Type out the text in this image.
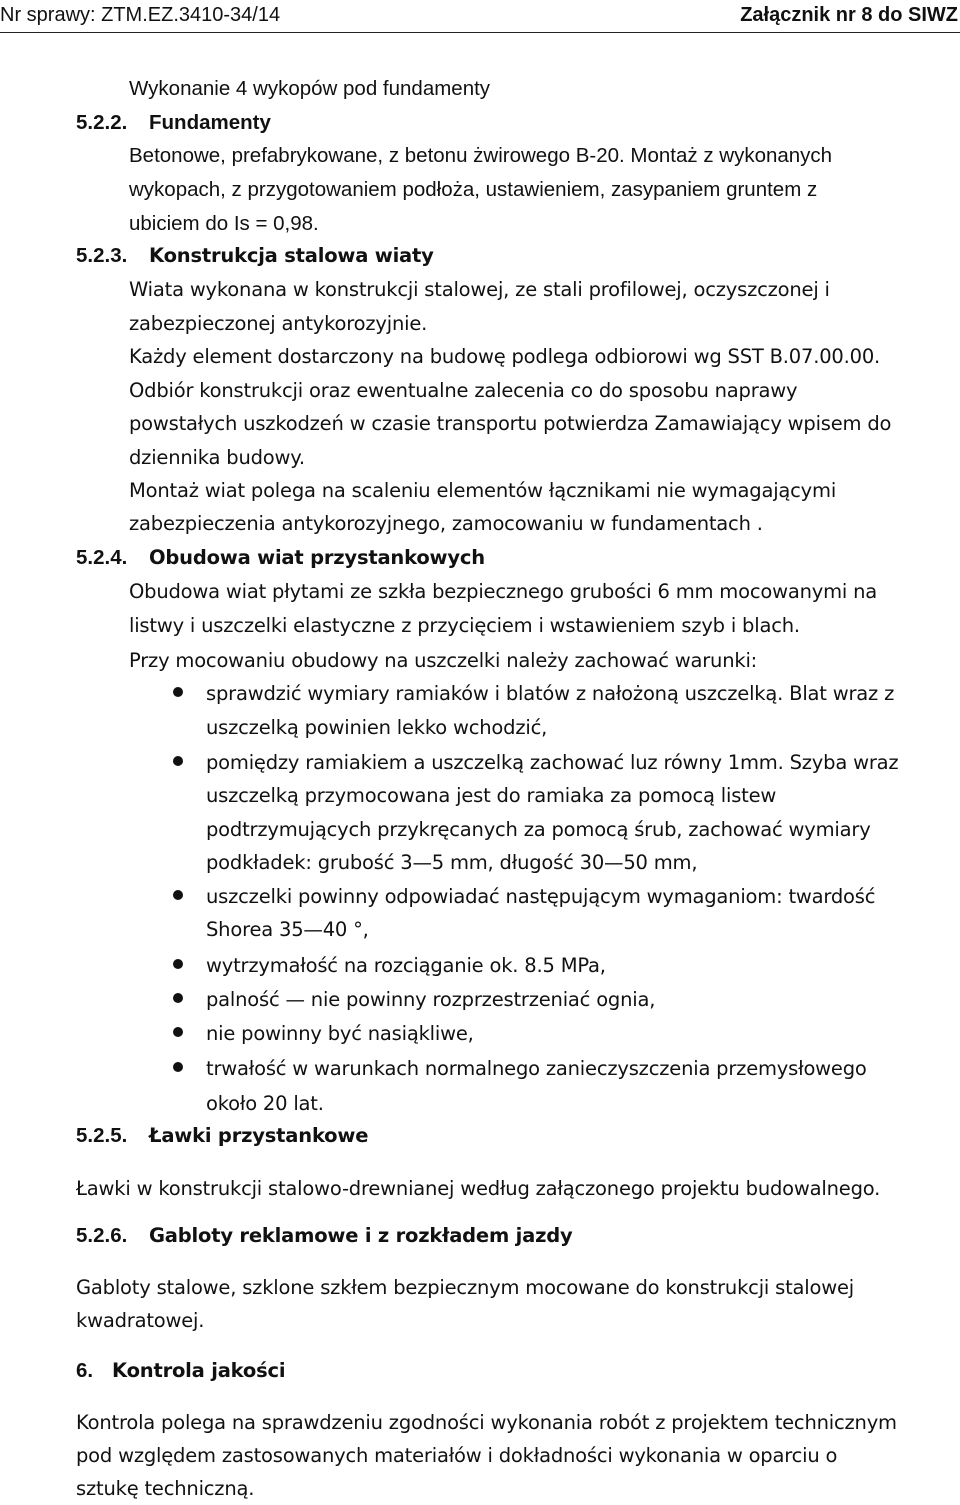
Nr sprawy: ZTM.EZ.3410-34/14	Załącznik nr 8 do SIWZ
Wykonanie 4 wykopów pod fundamenty
5.2.2. Fundamenty
Betonowe, prefabrykowane, z betonu żwirowego B-20. Montaż z wykonanych
wykopach, z przygotowaniem podłoża, ustawieniem, zasypaniem gruntem z
ubiciem do Is = 0,98.
5.2.3. Konstrukcja stalowa wiaty
Wiata wykonana w konstrukcji stalowej, ze stali profilowej, oczyszczonej i
zabezpieczonej antykorozyjnie.
Każdy element dostarczony na budowę podlega odbiorowi wg SST B.07.00.00.
Odbiór konstrukcji oraz ewentualne zalecenia co do sposobu naprawy
powstałych uszkodzeń w czasie transportu potwierdza Zamawiający wpisem do
dziennika budowy.
Montaż wiat polega na scaleniu elementów łącznikami nie wymagającymi
zabezpieczenia antykorozyjnego, zamocowaniu w fundamentach .
5.2.4. Obudowa wiat przystankowych
Obudowa wiat płytami ze szkła bezpiecznego grubości 6 mm mocowanymi na
listwy i uszczelki elastyczne z przycięciem i wstawieniem szyb i blach.
Przy mocowaniu obudowy na uszczelki należy zachować warunki:
sprawdzić wymiary ramiaków i blatów z nałożoną uszczelką. Blat wraz z
uszczelką powinien lekko wchodzić,
pomiędzy ramiakiem a uszczelką zachować luz równy 1mm. Szyba wraz
uszczelką przymocowana jest do ramiaka za pomocą listew
podtrzymujących przykręcanych za pomocą śrub, zachować wymiary
podkładek: grubość 3—5 mm, długość 30—50 mm,
uszczelki powinny odpowiadać następującym wymaganiom: twardość
Shorea 35—40 °,
wytrzymałość na rozciąganie ok. 8.5 MPa,
palność — nie powinny rozprzestrzeniać ognia,
nie powinny być nasiąkliwe,
trwałość w warunkach normalnego zanieczyszczenia przemysłowego
około 20 lat.
5.2.5. Ławki przystankowe
Ławki w konstrukcji stalowo-drewnianej według załączonego projektu budowalnego.
5.2.6. Gabloty reklamowe i z rozkładem jazdy
Gabloty stalowe, szklone szkłem bezpiecznym mocowane do konstrukcji stalowej
kwadratowej.
6. Kontrola jakości
Kontrola polega na sprawdzeniu zgodności wykonania robót z projektem technicznym
pod względem zastosowanych materiałów i dokładności wykonania w oparciu o
sztukę techniczną.
